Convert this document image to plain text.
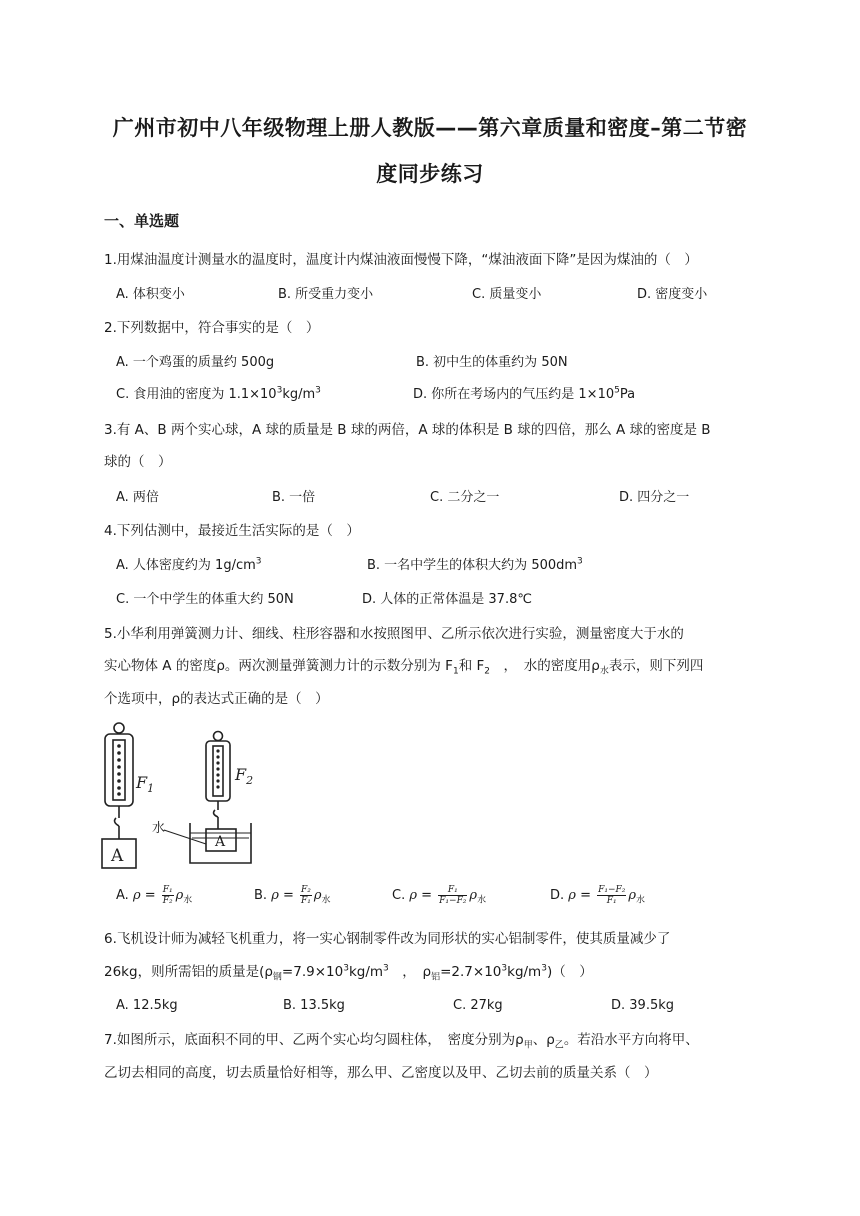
广州市初中八年级物理上册人教版——第六章质量和密度–第二节密
度同步练习
一、单选题
1.用煤油温度计测量水的温度时，温度计内煤油液面慢慢下降，“煤油液面下降”是因为煤油的（　）
A. 体积变小	B. 所受重力变小	C. 质量变小	D. 密度变小
2.下列数据中，符合事实的是（　）
A. 一个鸡蛋的质量约 500g	B. 初中生的体重约为 50N
C. 食用油的密度为 $1.1\times 10^3kg/m^3$	D. 你所在考场内的气压约是 $1\times 10^5Pa$
3.有 A、B 两个实心球，A 球的质量是 B 球的两倍，A 球的体积是 B 球的四倍，那么 A 球的密度是 B
球的（　）
A. 两倍	B. 一倍	C. 二分之一	D. 四分之一
4.下列估测中，最接近生活实际的是（　）
A. 人体密度约为 $1g/cm^3$	B. 一名中学生的体积大约为 $500dm^3$
C. 一个中学生的体重大约 50N	D. 人体的正常体温是 37.8℃
5.小华利用弹簧测力计、细线、柱形容器和水按照图甲、乙所示依次进行实验，测量密度大于水的
实心物体 A 的密度ρ。两次测量弹簧测力计的示数分别为 $F_1$和 $F_2$　，　水的密度用$\rho_水$表示，则下列四
个选项中，ρ的表达式正确的是（　）
$F_1$
$F_2$
A
A
水
A. $\rho = \frac{\text{F₁}}{\text{F₂}} \rho_水$	B. $\rho = \frac{\text{F₂}}{\text{F₁}} \rho_水$	C. $\rho = \frac{\text{F₁}}{\text{F₁−F₂}} \rho_水$	D. $\rho = \frac{\text{F₁−F₂}}{\text{F₁}} \rho_水$
6.飞机设计师为减轻飞机重力，将一实心钢制零件改为同形状的实心铝制零件，使其质量减少了
26kg，则所需铝的质量是($\rho_钢=7.9\times 10^3kg/m^3$　，　$\rho_铝=2.7\times 10^3kg/m^3$)（　）
A. 12.5kg	B. 13.5kg	C. 27kg	D. 39.5kg
7.如图所示，底面积不同的甲、乙两个实心均匀圆柱体，　密度分别为$\rho_甲$、$\rho_乙$。若沿水平方向将甲、
乙切去相同的高度，切去质量恰好相等，那么甲、乙密度以及甲、乙切去前的质量关系（　）
